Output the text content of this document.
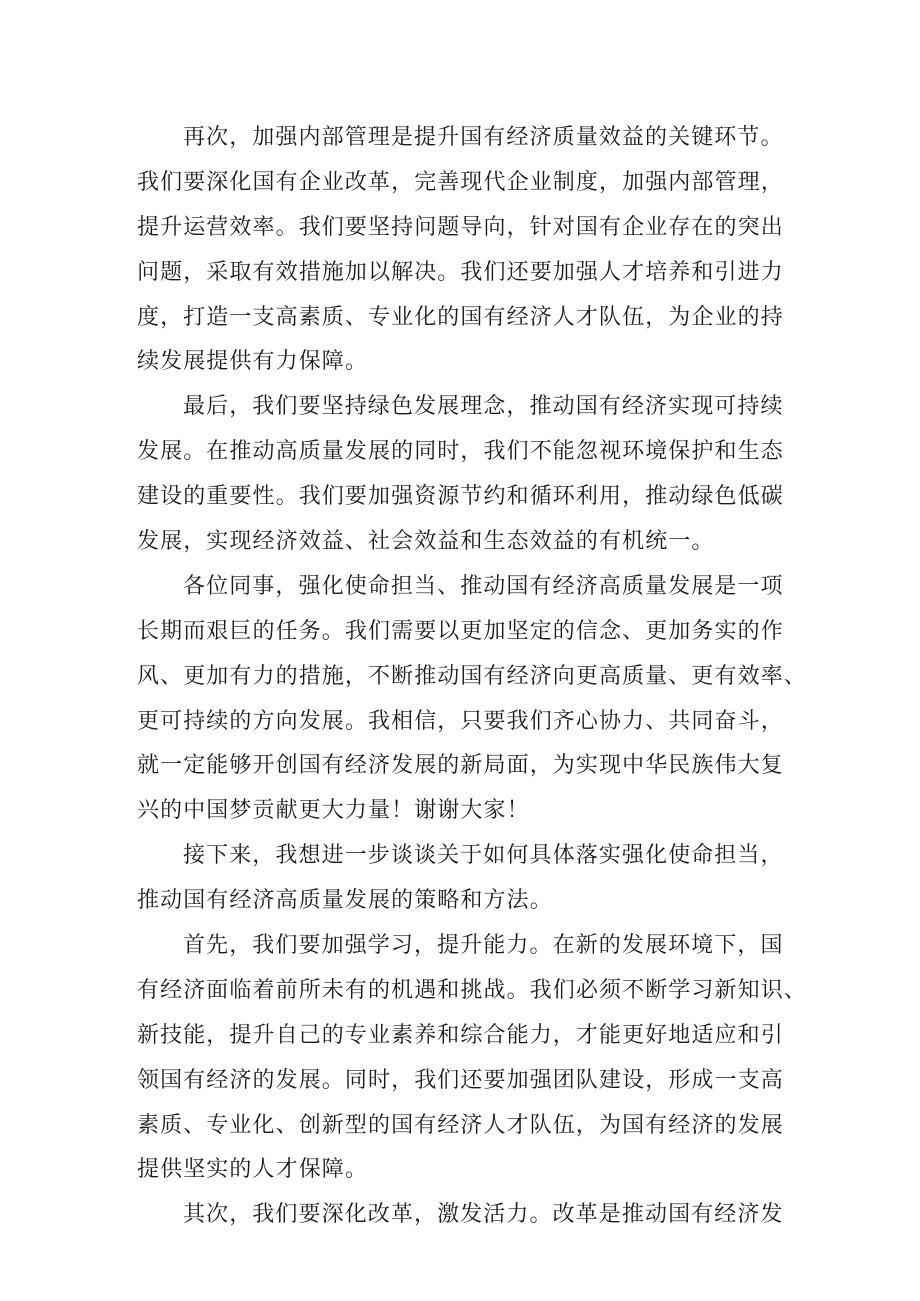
再次，加强内部管理是提升国有经济质量效益的关键环节。
我们要深化国有企业改革，完善现代企业制度，加强内部管理，
提升运营效率。我们要坚持问题导向，针对国有企业存在的突出
问题，采取有效措施加以解决。我们还要加强人才培养和引进力
度，打造一支高素质、专业化的国有经济人才队伍，为企业的持
续发展提供有力保障。
最后，我们要坚持绿色发展理念，推动国有经济实现可持续
发展。在推动高质量发展的同时，我们不能忽视环境保护和生态
建设的重要性。我们要加强资源节约和循环利用，推动绿色低碳
发展，实现经济效益、社会效益和生态效益的有机统一。
各位同事，强化使命担当、推动国有经济高质量发展是一项
长期而艰巨的任务。我们需要以更加坚定的信念、更加务实的作
风、更加有力的措施，不断推动国有经济向更高质量、更有效率、
更可持续的方向发展。我相信，只要我们齐心协力、共同奋斗，
就一定能够开创国有经济发展的新局面，为实现中华民族伟大复
兴的中国梦贡献更大力量！谢谢大家！
接下来，我想进一步谈谈关于如何具体落实强化使命担当，
推动国有经济高质量发展的策略和方法。
首先，我们要加强学习，提升能力。在新的发展环境下，国
有经济面临着前所未有的机遇和挑战。我们必须不断学习新知识、
新技能，提升自己的专业素养和综合能力，才能更好地适应和引
领国有经济的发展。同时，我们还要加强团队建设，形成一支高
素质、专业化、创新型的国有经济人才队伍，为国有经济的发展
提供坚实的人才保障。
其次，我们要深化改革，激发活力。改革是推动国有经济发
